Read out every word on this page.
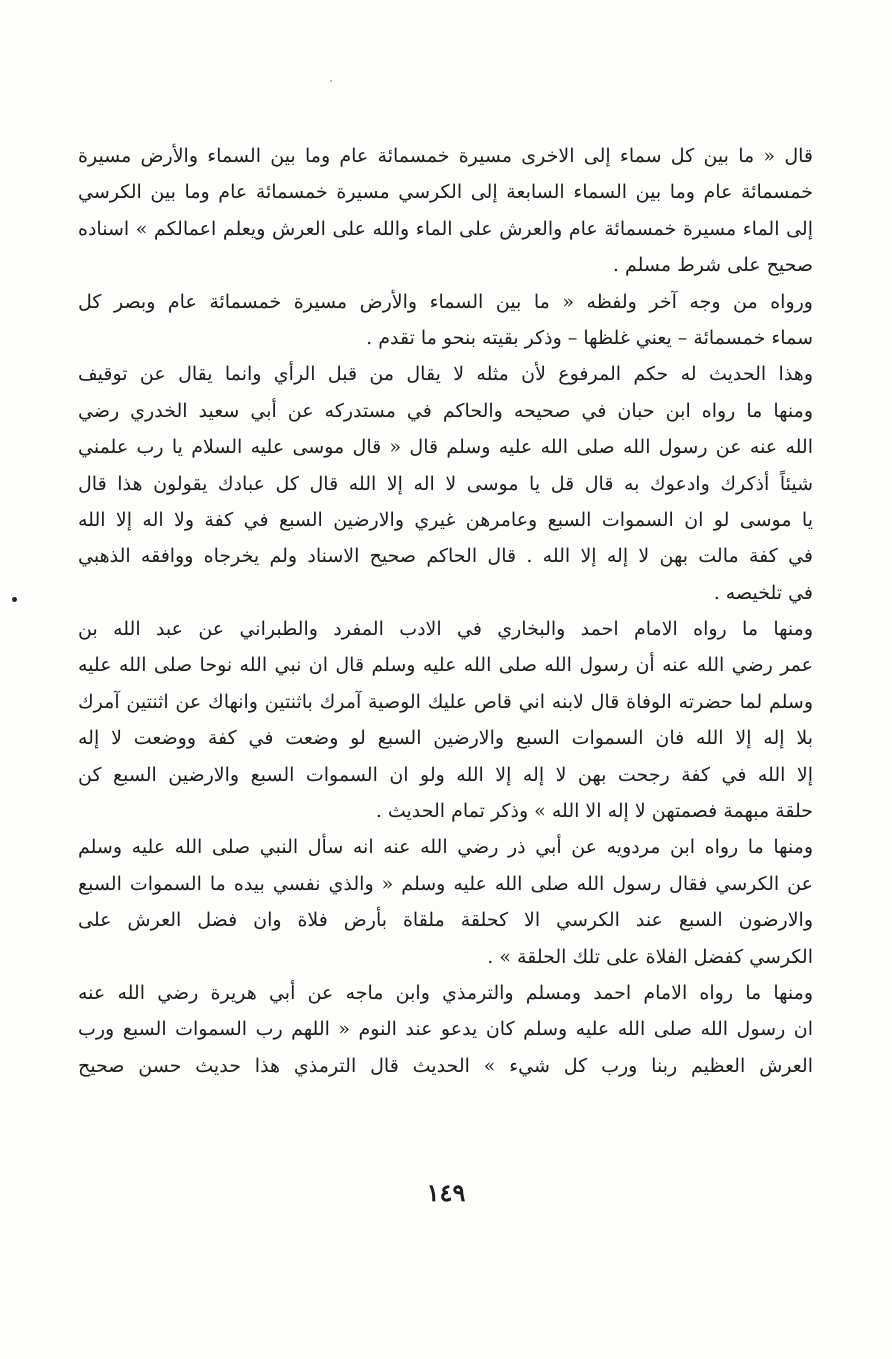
قال « ما بين كل سماء إلى الاخرى مسيرة خمسمائة عام وما بين السماء والأرض مسيرة
خمسمائة عام وما بين السماء السابعة إلى الكرسي مسيرة خمسمائة عام وما بين الكرسي
إلى الماء مسيرة خمسمائة عام والعرش على الماء والله على العرش ويعلم اعمالكم » اسناده
صحيح على شرط مسلم .
ورواه من وجه آخر ولفظه « ما بين السماء والأرض مسيرة خمسمائة عام وبصر كل
سماء خمسمائة – يعني غلظها – وذكر بقيته بنحو ما تقدم .
وهذا الحديث له حكم المرفوع لأن مثله لا يقال من قبل الرأي وانما يقال عن توقيف
ومنها ما رواه ابن حبان في صحيحه والحاكم في مستدركه عن أبي سعيد الخدري رضي
الله عنه عن رسول الله صلى الله عليه وسلم قال « قال موسى عليه السلام يا رب علمني
شيئاً أذكرك وادعوك به قال قل يا موسى لا اله إلا الله قال كل عبادك يقولون هذا قال
يا موسى لو ان السموات السبع وعامرهن غيري والارضين السبع في كفة ولا اله إلا الله
في كفة مالت بهن لا إله إلا الله . قال الحاكم صحيح الاسناد ولم يخرجاه ووافقه الذهبي
في تلخيصه .
ومنها ما رواه الامام احمد والبخاري في الادب المفرد والطبراني عن عبد الله بن
عمر رضي الله عنه أن رسول الله صلى الله عليه وسلم قال ان نبي الله نوحا صلى الله عليه
وسلم لما حضرته الوفاة قال لابنه اني قاص عليك الوصية آمرك باثنتين وانهاك عن اثنتين آمرك
بلا إله إلا الله فان السموات السبع والارضين السبع لو وضعت في كفة ووضعت لا إله
إلا الله في كفة رجحت بهن لا إله إلا الله ولو ان السموات السبع والارضين السبع كن
حلقة مبهمة فصمتهن لا إله الا الله » وذكر تمام الحديث .
ومنها ما رواه ابن مردويه عن أبي ذر رضي الله عنه انه سأل النبي صلى الله عليه وسلم
عن الكرسي فقال رسول الله صلى الله عليه وسلم « والذي نفسي بيده ما السموات السبع
والارضون السبع عند الكرسي الا كحلقة ملقاة بأرض فلاة وان فضل العرش على
الكرسي كفضل الفلاة على تلك الحلقة » .
ومنها ما رواه الامام احمد ومسلم والترمذي وابن ماجه عن أبي هريرة رضي الله عنه
ان رسول الله صلى الله عليه وسلم كان يدعو عند النوم « اللهم رب السموات السبع ورب
العرش العظيم ربنا ورب كل شيء » الحديث قال الترمذي هذا حديث حسن صحيح
١٤٩
